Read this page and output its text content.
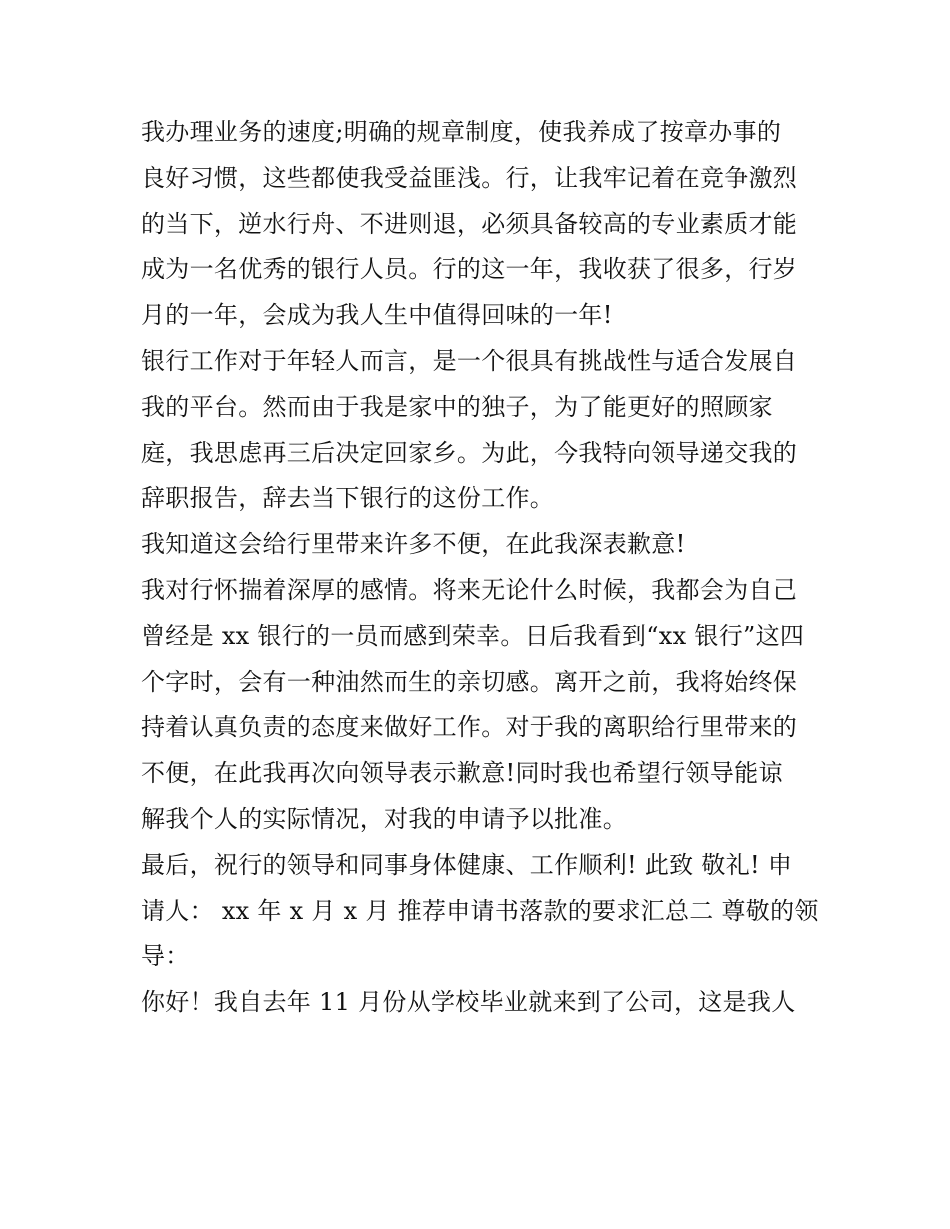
我办理业务的速度;明确的规章制度，使我养成了按章办事的
良好习惯，这些都使我受益匪浅。行，让我牢记着在竞争激烈
的当下，逆水行舟、不进则退，必须具备较高的专业素质才能
成为一名优秀的银行人员。行的这一年，我收获了很多，行岁
月的一年，会成为我人生中值得回味的一年!
银行工作对于年轻人而言，是一个很具有挑战性与适合发展自
我的平台。然而由于我是家中的独子，为了能更好的照顾家
庭，我思虑再三后决定回家乡。为此，今我特向领导递交我的
辞职报告，辞去当下银行的这份工作。
我知道这会给行里带来许多不便，在此我深表歉意!
我对行怀揣着深厚的感情。将来无论什么时候，我都会为自己
曾经是 xx 银行的一员而感到荣幸。日后我看到“xx 银行”这四
个字时，会有一种油然而生的亲切感。离开之前，我将始终保
持着认真负责的态度来做好工作。对于我的离职给行里带来的
不便，在此我再次向领导表示歉意!同时我也希望行领导能谅
解我个人的实际情况，对我的申请予以批准。
最后，祝行的领导和同事身体健康、工作顺利! 此致 敬礼! 申
请人： xx 年 x 月 x 月 推荐申请书落款的要求汇总二 尊敬的领
导：
你好！我自去年 11 月份从学校毕业就来到了公司，这是我人
